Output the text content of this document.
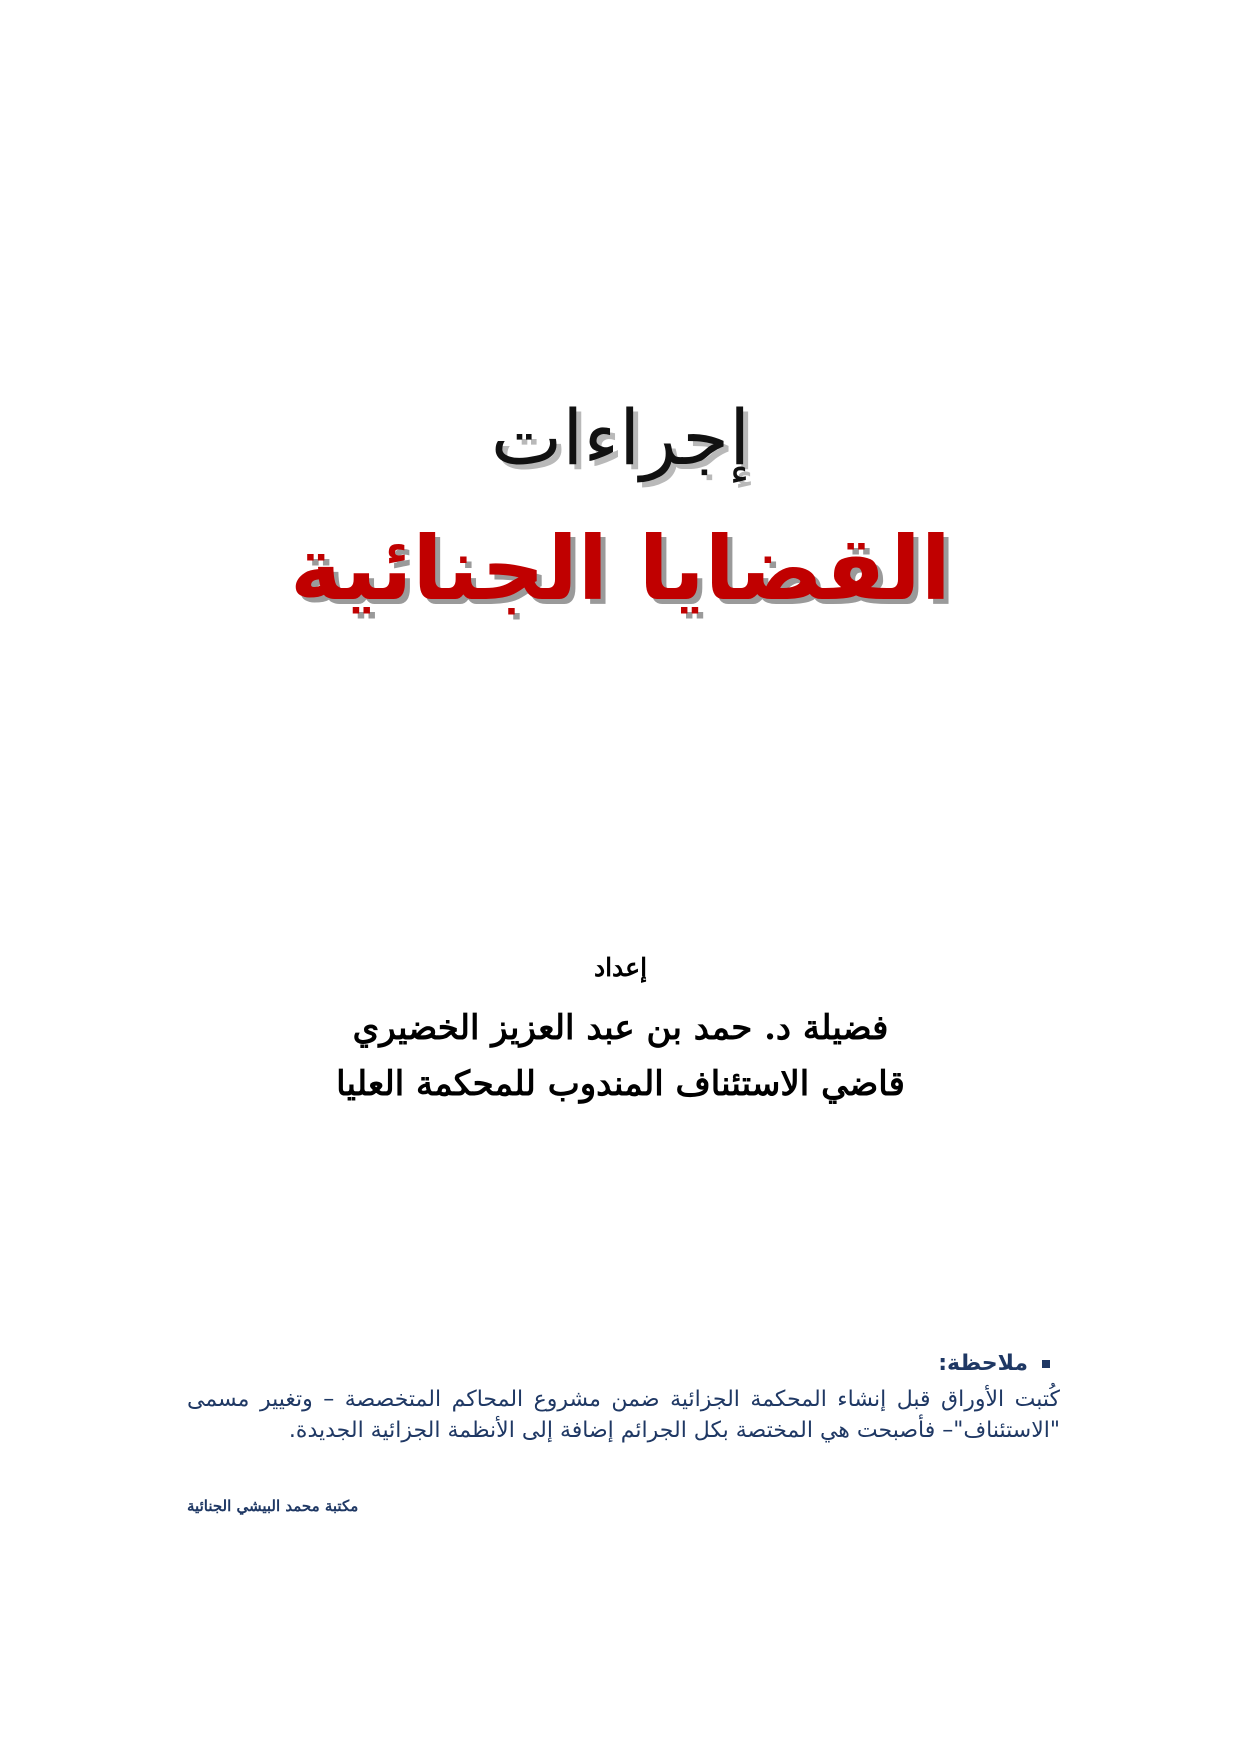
إجراءات
القضايا الجنائية

إعداد

فضيلة د. حمد بن عبد العزيز الخضيري

قاضي الاستئناف المندوب للمحكمة العليا

ملاحظة:

كُتبت الأوراق قبل إنشاء المحكمة الجزائية ضمن مشروع المحاكم المتخصصة – وتغيير مسمى "الاستئناف"– فأصبحت هي المختصة بكل الجرائم إضافة إلى الأنظمة الجزائية الجديدة.

مكتبة محمد البيشي الجنائية
